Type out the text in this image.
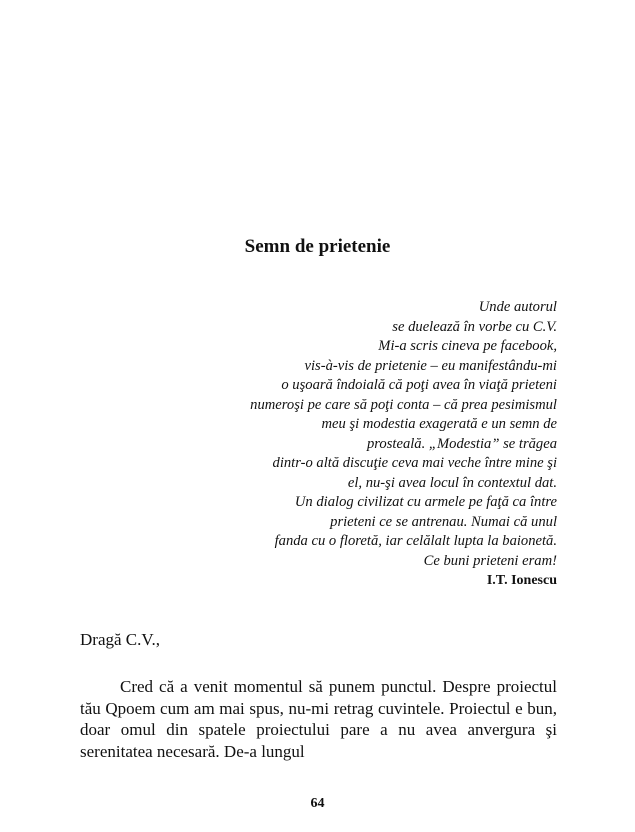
Semn de prietenie
Unde autorul
se duelează în vorbe cu C.V.
Mi-a scris cineva pe facebook,
vis-à-vis de prietenie – eu manifestându-mi
o uşoară îndoială că poţi avea în viaţă prieteni
numeroşi pe care să poţi conta – că prea pesimismul
meu şi modestia exagerată e un semn de
prosteală. „Modestia” se trăgea
dintr-o altă discuţie ceva mai veche între mine şi
el, nu-şi avea locul în contextul dat.
Un dialog civilizat cu armele pe faţă ca între
prieteni ce se antrenau. Numai că unul
fanda cu o floretă, iar celălalt lupta la baionetă.
Ce buni prieteni eram!
I.T. Ionescu
Dragă C.V.,
Cred că a venit momentul să punem punctul. Despre proiectul tău Qpoem cum am mai spus, nu-mi retrag cuvintele. Proiectul e bun, doar omul din spatele proiectului pare a nu avea anvergura şi serenitatea necesară. De-a lungul
64
